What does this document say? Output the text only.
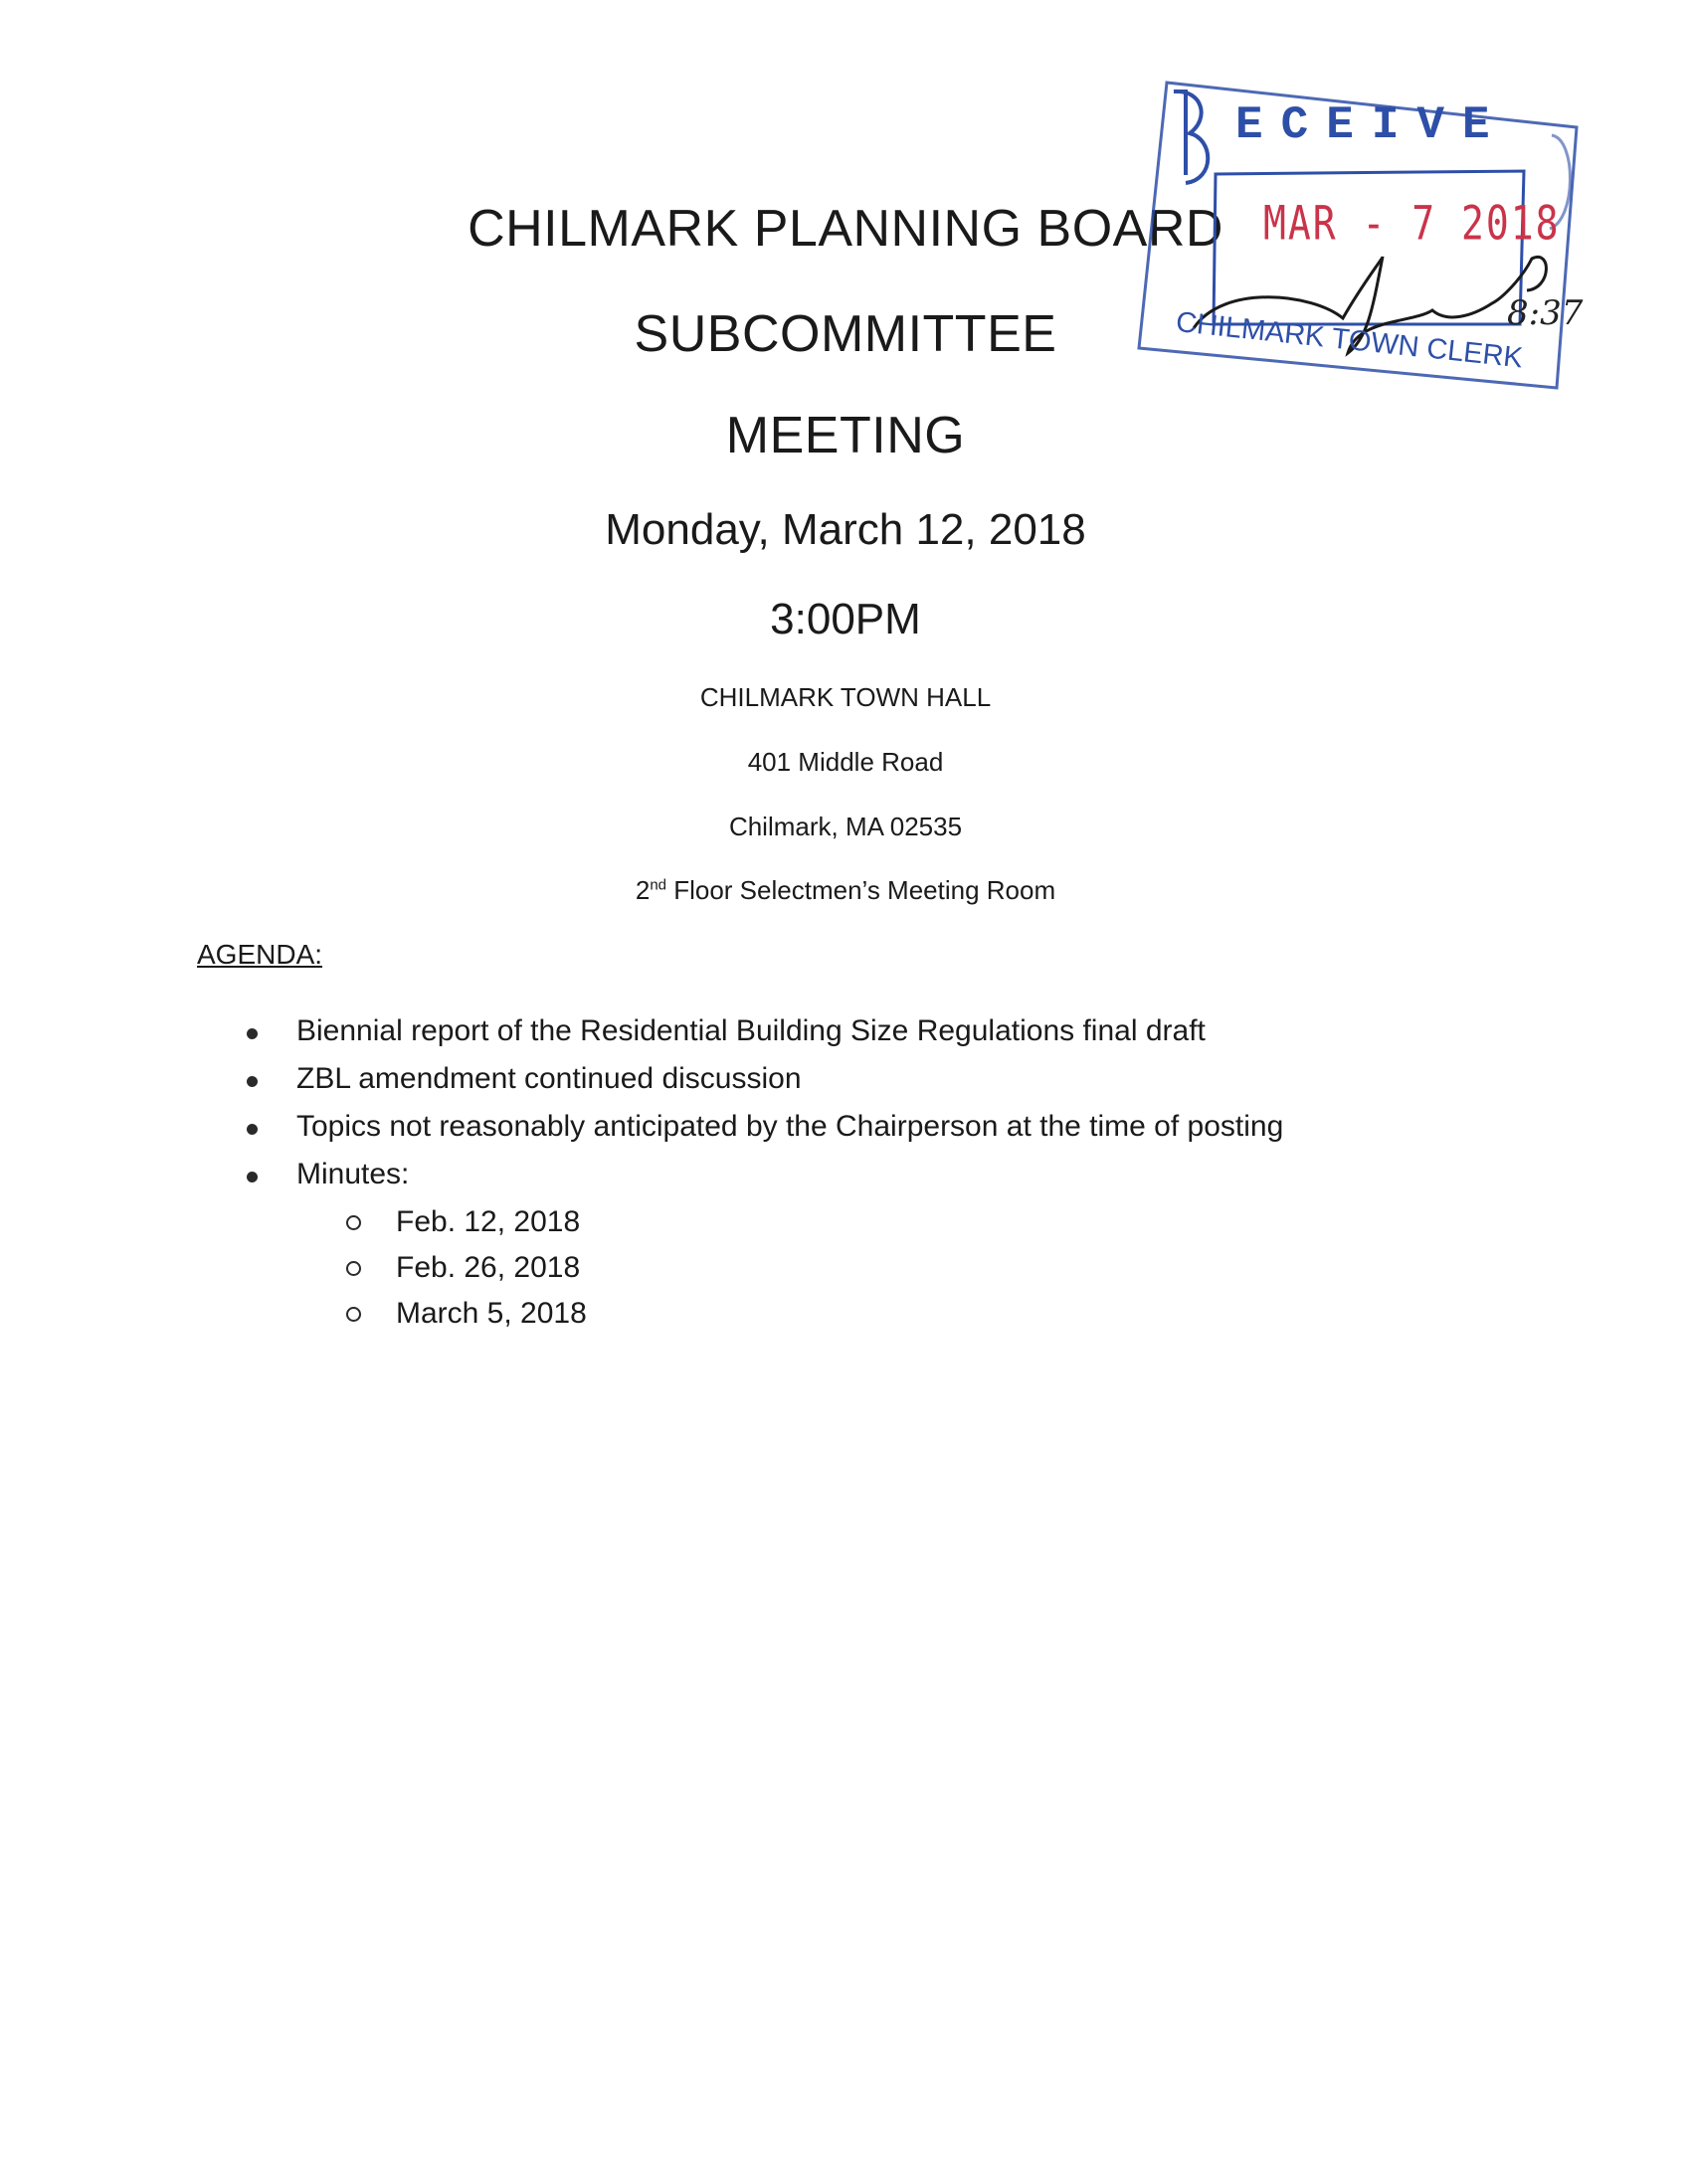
CHILMARK PLANNING BOARD
SUBCOMMITTEE
MEETING
Monday, March 12, 2018
3:00PM
CHILMARK TOWN HALL
401 Middle Road
Chilmark, MA 02535
2nd Floor Selectmen’s Meeting Room
AGENDA:
Biennial report of the Residential Building Size Regulations final draft
ZBL amendment continued discussion
Topics not reasonably anticipated by the Chairperson at the time of posting
Minutes:
Feb. 12, 2018
Feb. 26, 2018
March 5, 2018
ECEIVE
MAR - 7 2018
CHILMARK TOWN CLERK
8:37
